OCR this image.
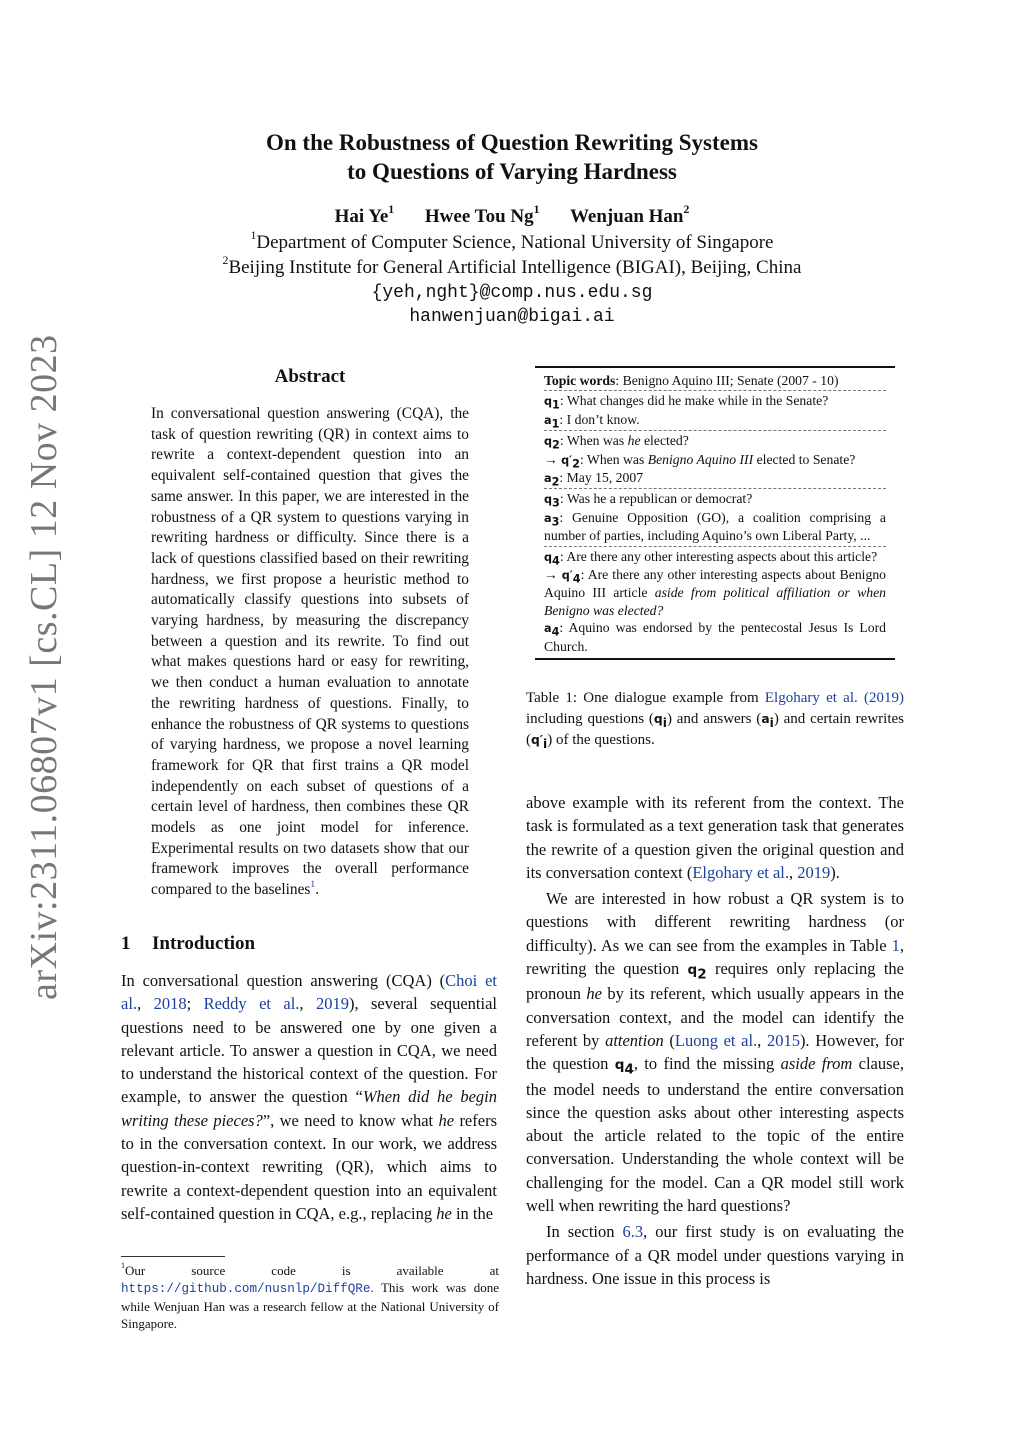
arXiv:2311.06807v1 [cs.CL] 12 Nov 2023
On the Robustness of Question Rewriting Systems
to Questions of Varying Hardness
Hai Ye$^1$ Hwee Tou Ng$^1$ Wenjuan Han$^2$
$^1$Department of Computer Science, National University of Singapore
$^2$Beijing Institute for General Artificial Intelligence (BIGAI), Beijing, China
{yeh,nght}@comp.nus.edu.sg
hanwenjuan@bigai.ai
Abstract
In conversational question answering (CQA), the task of question rewriting (QR) in context aims to rewrite a context-dependent question into an equivalent self-contained question that gives the same answer. In this paper, we are interested in the robustness of a QR system to questions varying in rewriting hardness or difficulty. Since there is a lack of questions classified based on their rewriting hardness, we first propose a heuristic method to automatically classify questions into subsets of varying hardness, by measuring the discrepancy between a question and its rewrite. To find out what makes questions hard or easy for rewriting, we then conduct a human evaluation to annotate the rewriting hardness of questions. Finally, to enhance the robustness of QR systems to questions of varying hardness, we propose a novel learning framework for QR that first trains a QR model independently on each subset of questions of a certain level of hardness, then combines these QR models as one joint model for inference. Experimental results on two datasets show that our framework improves the overall performance compared to the baselines$^1$.
1 Introduction
In conversational question answering (CQA) (Choi et al., 2018; Reddy et al., 2019), several sequential questions need to be answered one by one given a relevant article. To answer a question in CQA, we need to understand the historical context of the question. For example, to answer the question “When did he begin writing these pieces?”, we need to know what he refers to in the conversation context. In our work, we address question-in-context rewriting (QR), which aims to rewrite a context-dependent question into an equivalent self-contained question in CQA, e.g., replacing he in the
$^1$Our source code is available at https://github.com/nusnlp/DiffQRe. This work was done while Wenjuan Han was a research fellow at the National University of Singapore.
Topic words: Benigno Aquino III; Senate (2007 - 10)
$q_1$: What changes did he make while in the Senate?
$a_1$: I don’t know.
$q_2$: When was he elected?
→ $q'_2$: When was Benigno Aquino III elected to Senate?
$a_2$: May 15, 2007
$q_3$: Was he a republican or democrat?
$a_3$: Genuine Opposition (GO), a coalition comprising a number of parties, including Aquino’s own Liberal Party, ...
$q_4$: Are there any other interesting aspects about this article?
→ $q'_4$: Are there any other interesting aspects about Benigno Aquino III article aside from political affiliation or when Benigno was elected?
$a_4$: Aquino was endorsed by the pentecostal Jesus Is Lord Church.
Table 1: One dialogue example from Elgohary et al. (2019) including questions $(q_i)$ and answers $(a_i)$ and certain rewrites $(q'_i)$ of the questions.

above example with its referent from the context. The task is formulated as a text generation task that generates the rewrite of a question given the original question and its conversation context (Elgohary et al., 2019).

We are interested in how robust a QR system is to questions with different rewriting hardness (or difficulty). As we can see from the examples in Table 1, rewriting the question $q_2$ requires only replacing the pronoun he by its referent, which usually appears in the conversation context, and the model can identify the referent by attention (Luong et al., 2015). However, for the question $q_4$, to find the missing aside from clause, the model needs to understand the entire conversation since the question asks about other interesting aspects about the article related to the topic of the entire conversation. Understanding the whole context will be challenging for the model. Can a QR model still work well when rewriting the hard questions?

In section 6.3, our first study is on evaluating the performance of a QR model under questions varying in hardness. One issue in this process is
